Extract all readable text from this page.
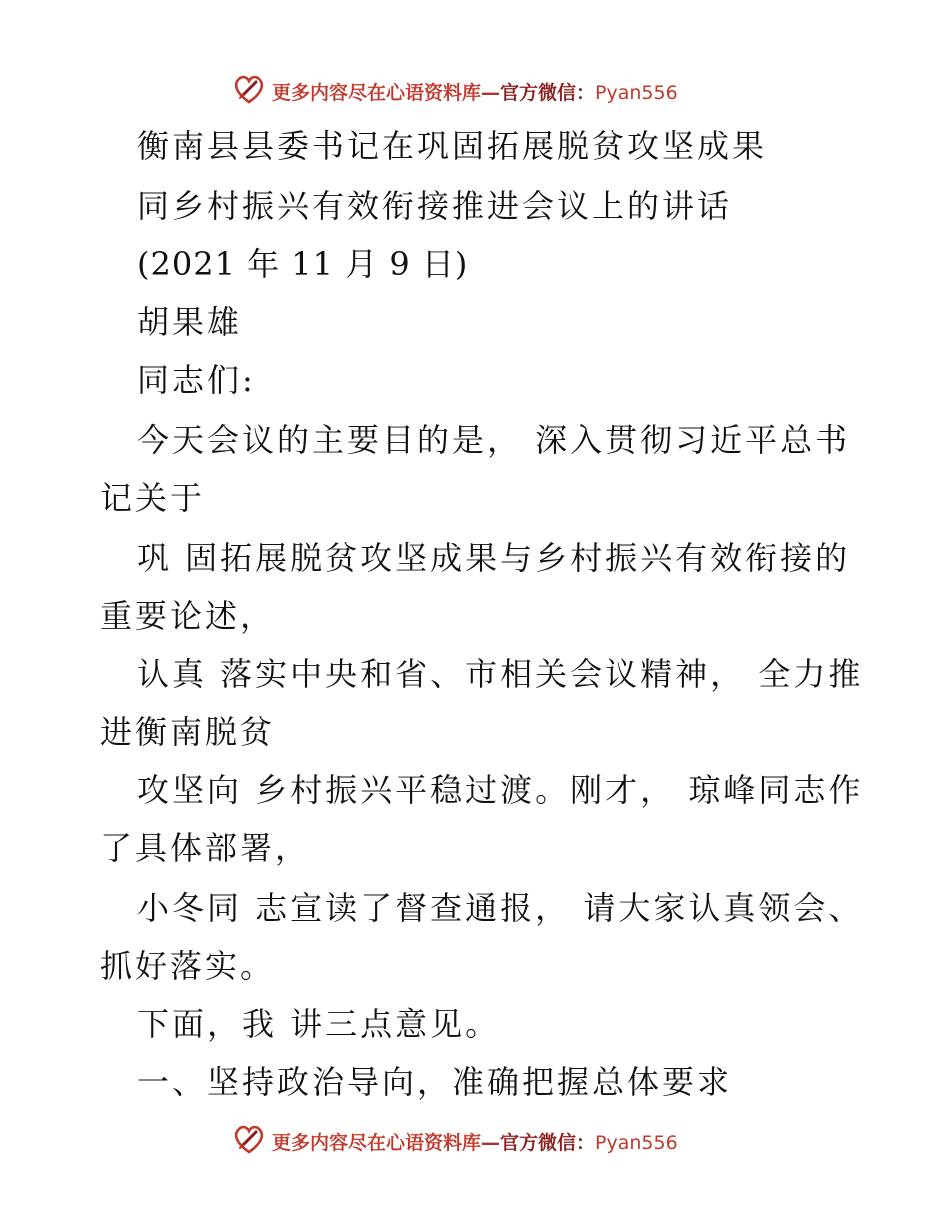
更多内容尽在心语资料库—官方微信：Pyan556
衡南县县委书记在巩固拓展脱贫攻坚成果
同乡村振兴有效衔接推进会议上的讲话
(2021 年 11 月 9 日)
胡果雄
同志们:
今天会议的主要目的是， 深入贯彻习近平总书
记关于
巩 固拓展脱贫攻坚成果与乡村振兴有效衔接的
重要论述，
认真 落实中央和省、市相关会议精神， 全力推
进衡南脱贫
攻坚向 乡村振兴平稳过渡。刚才， 琼峰同志作
了具体部署，
小冬同 志宣读了督查通报， 请大家认真领会、
抓好落实。
下面，我 讲三点意见。
一、坚持政治导向，准确把握总体要求
更多内容尽在心语资料库—官方微信：Pyan556
